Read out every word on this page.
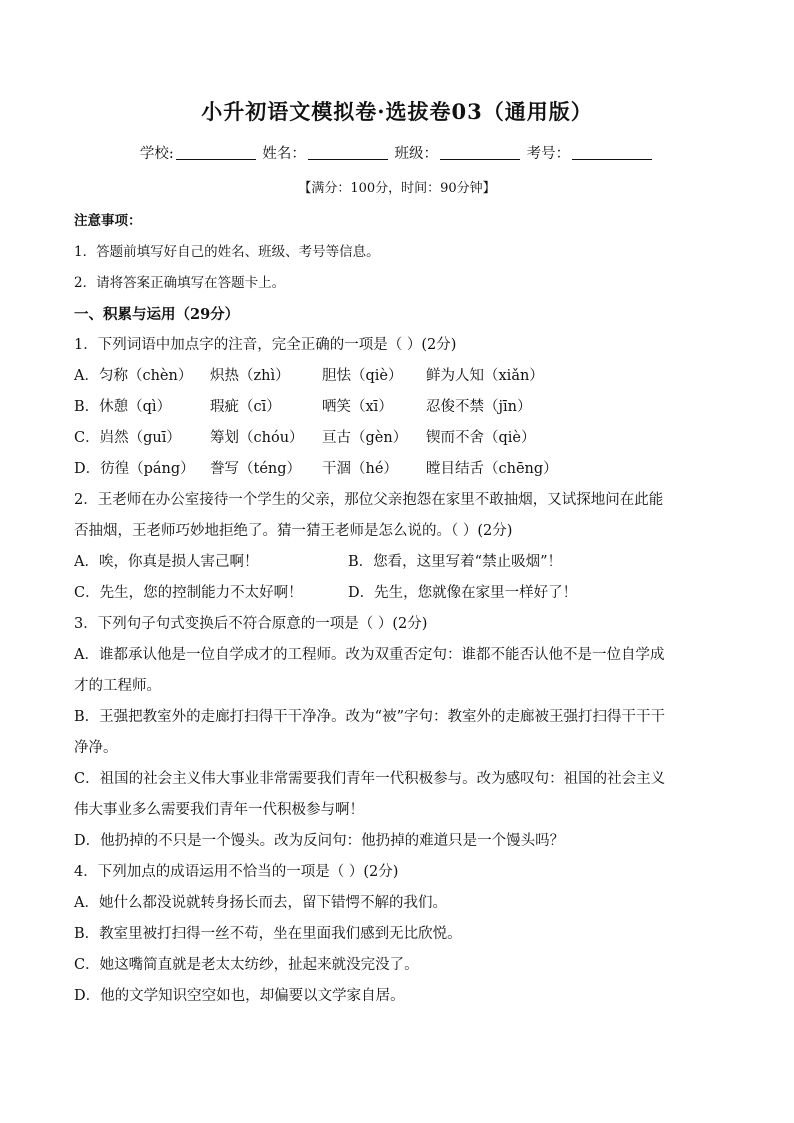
小升初语文模拟卷·选拔卷03（通用版）
学校:	姓名：	班级：	考号：
【满分：100分，时间：90分钟】
注意事项：
1．答题前填写好自己的姓名、班级、考号等信息。
2．请将答案正确填写在答题卡上。
一、积累与运用（29分）
1．下列词语中加点字的注音，完全正确的一项是（ ）(2分)
A．匀称（chèn）	炽热（zhì）	胆怯（qiè）	鲜为人知（xiǎn）
B．休憩（qì）	瑕疵（cī）	哂笑（xī）	忍俊不禁（jīn）
C．岿然（guī）	筹划（chóu）	亘古（gèn）	锲而不舍（qiè）
D．彷徨（páng）	誊写（téng）	干涸（hé）	瞠目结舌（chēng）
2．王老师在办公室接待一个学生的父亲，那位父亲抱怨在家里不敢抽烟，又试探地问在此能
否抽烟，王老师巧妙地拒绝了。猜一猜王老师是怎么说的。（ ）(2分)
A．唉，你真是损人害己啊！	B．您看，这里写着“禁止吸烟”！
C．先生，您的控制能力不太好啊！	D．先生，您就像在家里一样好了！
3．下列句子句式变换后不符合原意的一项是（ ）(2分)
A．谁都承认他是一位自学成才的工程师。改为双重否定句：谁都不能否认他不是一位自学成
才的工程师。
B．王强把教室外的走廊打扫得干干净净。改为“被”字句：教室外的走廊被王强打扫得干干干
净净。
C．祖国的社会主义伟大事业非常需要我们青年一代积极参与。改为感叹句：祖国的社会主义
伟大事业多么需要我们青年一代积极参与啊！
D．他扔掉的不只是一个馒头。改为反问句：他扔掉的难道只是一个馒头吗？
4．下列加点的成语运用不恰当的一项是（ ）(2分)
A．她什么都没说就转身扬长而去，留下错愕不解的我们。
B．教室里被打扫得一丝不苟，坐在里面我们感到无比欣悦。
C．她这嘴简直就是老太太纺纱，扯起来就没完没了。
D．他的文学知识空空如也，却偏要以文学家自居。
